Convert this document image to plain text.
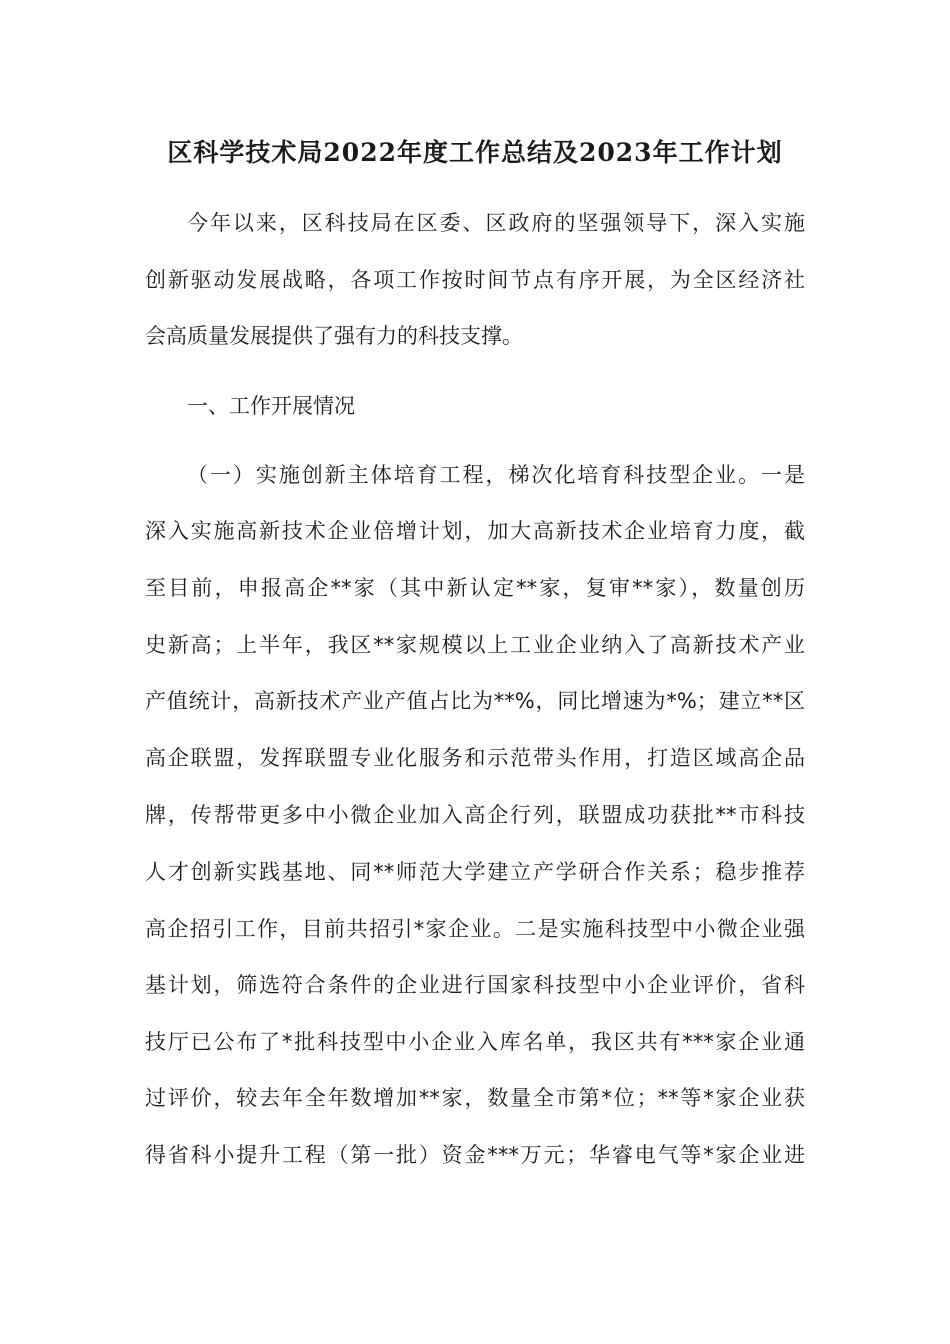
区科学技术局2022年度工作总结及2023年工作计划
今年以来，区科技局在区委、区政府的坚强领导下，深入实施
创新驱动发展战略，各项工作按时间节点有序开展，为全区经济社
会高质量发展提供了强有力的科技支撑。
一、工作开展情况
（一）实施创新主体培育工程，梯次化培育科技型企业。一是
深入实施高新技术企业倍增计划，加大高新技术企业培育力度，截
至目前，申报高企**家（其中新认定**家，复审**家），数量创历
史新高；上半年，我区**家规模以上工业企业纳入了高新技术产业
产值统计，高新技术产业产值占比为**%，同比增速为*%；建立**区
高企联盟，发挥联盟专业化服务和示范带头作用，打造区域高企品
牌，传帮带更多中小微企业加入高企行列，联盟成功获批**市科技
人才创新实践基地、同**师范大学建立产学研合作关系；稳步推荐
高企招引工作，目前共招引*家企业。二是实施科技型中小微企业强
基计划，筛选符合条件的企业进行国家科技型中小企业评价，省科
技厅已公布了*批科技型中小企业入库名单，我区共有***家企业通
过评价，较去年全年数增加**家，数量全市第*位；**等*家企业获
得省科小提升工程（第一批）资金***万元；华睿电气等*家企业进
